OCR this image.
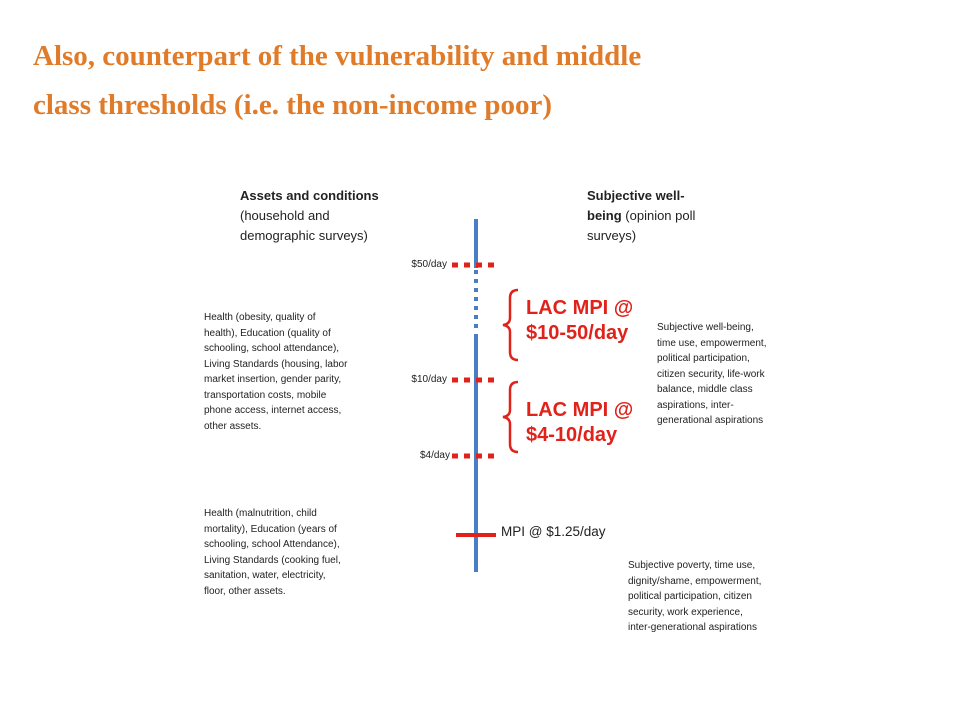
Also, counterpart of the vulnerability and middle
class thresholds (i.e. the non-income poor)
Assets and conditions
(household and
demographic surveys)
Subjective well-
being (opinion poll
surveys)
$50/day
$10/day
$4/day
LAC MPI @
$10-50/day
LAC MPI @
$4-10/day
MPI @ $1.25/day
Health (obesity, quality of
health), Education (quality of
schooling, school attendance),
Living Standards (housing, labor
market insertion, gender parity,
transportation costs, mobile
phone access, internet access,
other assets.
Health (malnutrition, child
mortality), Education (years of
schooling, school Attendance),
Living Standards (cooking fuel,
sanitation, water, electricity,
floor, other assets.
Subjective well-being,
time use, empowerment,
political participation,
citizen security, life-work
balance, middle class
aspirations, inter-
generational aspirations
Subjective poverty, time use,
dignity/shame, empowerment,
political participation, citizen
security, work experience,
inter-generational aspirations
